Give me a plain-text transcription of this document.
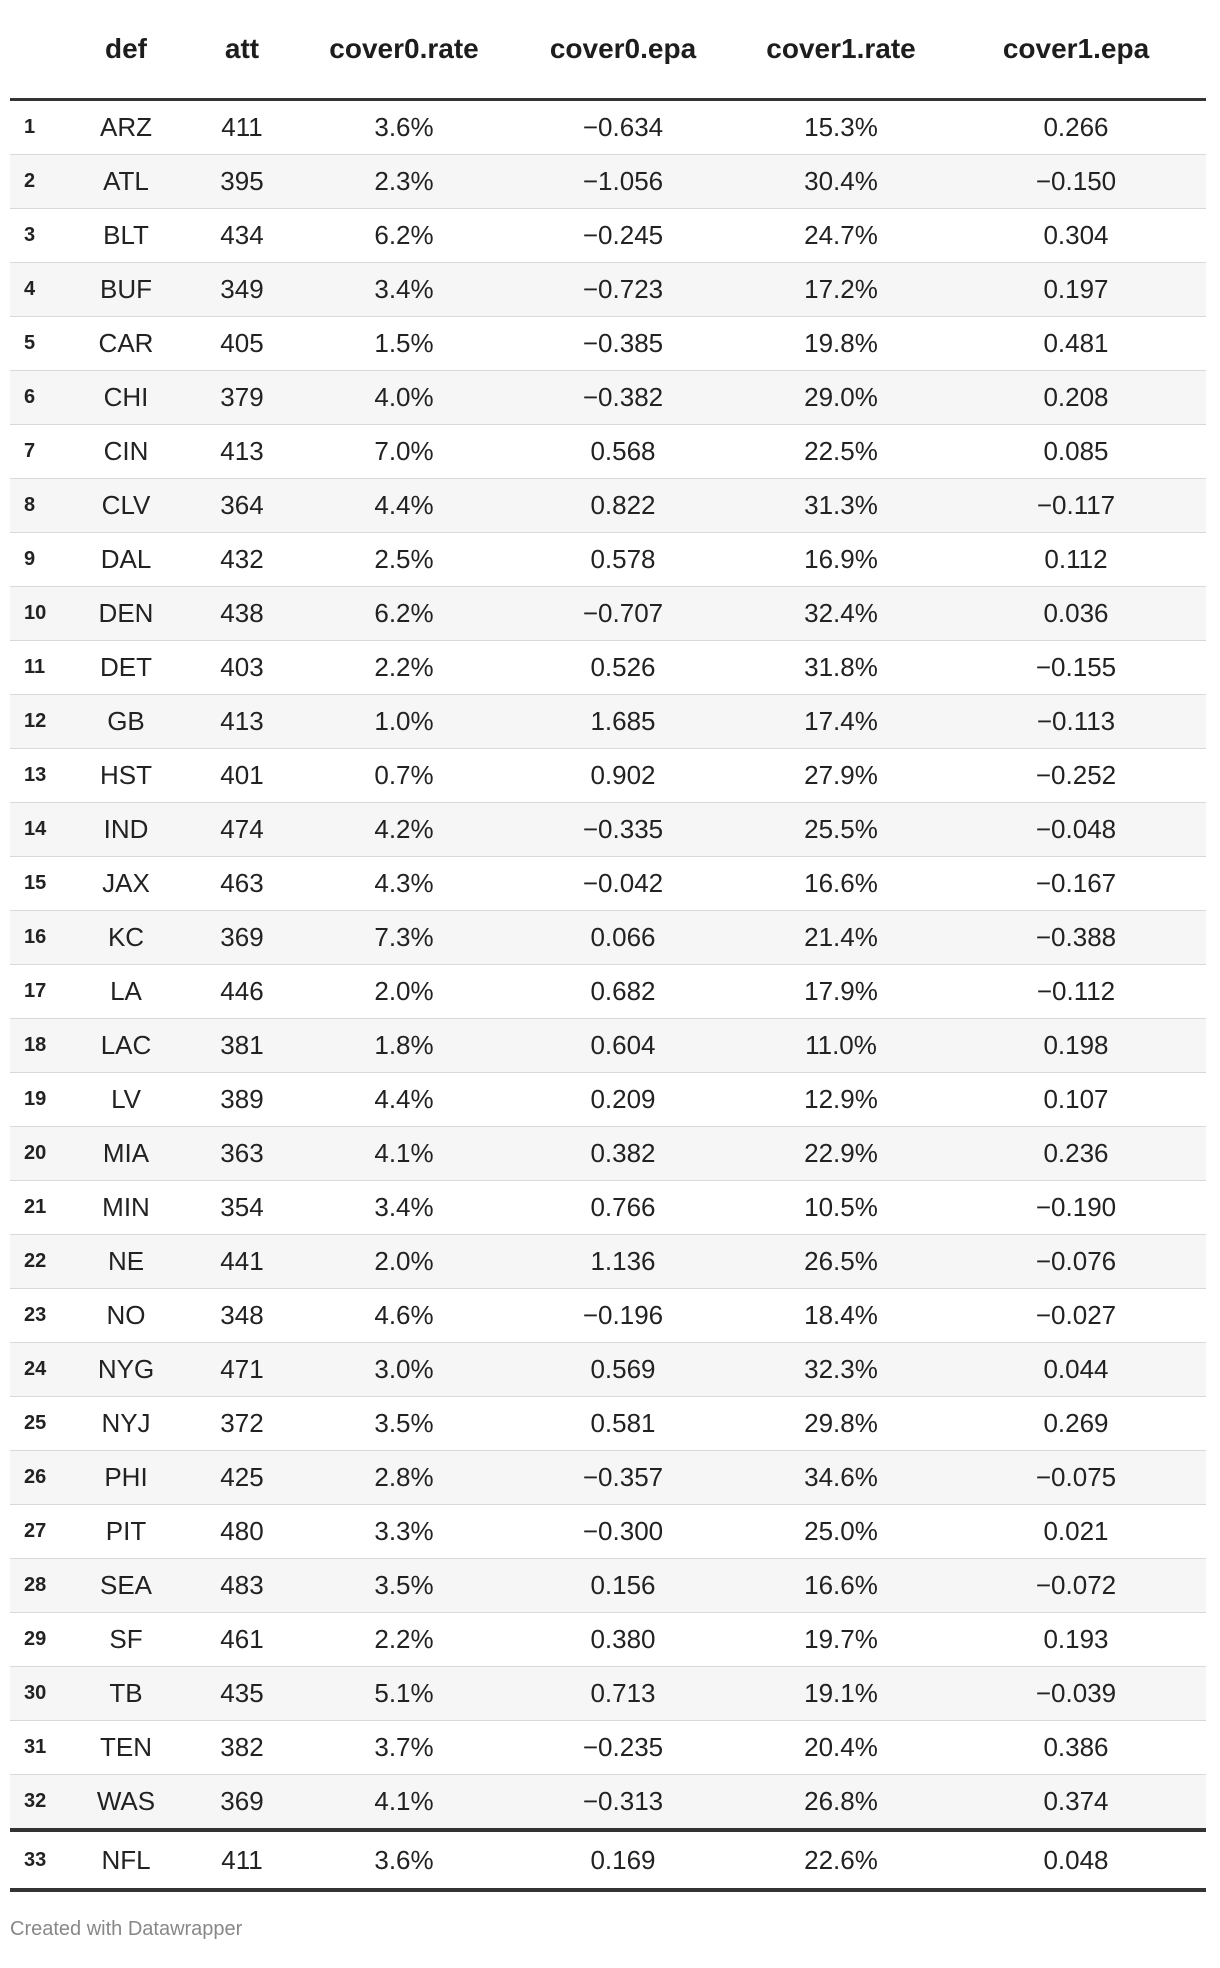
	def	att	cover0.rate	cover0.epa	cover1.rate	cover1.epa
1	ARZ	411	3.6%	−0.634	15.3%	0.266
2	ATL	395	2.3%	−1.056	30.4%	−0.150
3	BLT	434	6.2%	−0.245	24.7%	0.304
4	BUF	349	3.4%	−0.723	17.2%	0.197
5	CAR	405	1.5%	−0.385	19.8%	0.481
6	CHI	379	4.0%	−0.382	29.0%	0.208
7	CIN	413	7.0%	0.568	22.5%	0.085
8	CLV	364	4.4%	0.822	31.3%	−0.117
9	DAL	432	2.5%	0.578	16.9%	0.112
10	DEN	438	6.2%	−0.707	32.4%	0.036
11	DET	403	2.2%	0.526	31.8%	−0.155
12	GB	413	1.0%	1.685	17.4%	−0.113
13	HST	401	0.7%	0.902	27.9%	−0.252
14	IND	474	4.2%	−0.335	25.5%	−0.048
15	JAX	463	4.3%	−0.042	16.6%	−0.167
16	KC	369	7.3%	0.066	21.4%	−0.388
17	LA	446	2.0%	0.682	17.9%	−0.112
18	LAC	381	1.8%	0.604	11.0%	0.198
19	LV	389	4.4%	0.209	12.9%	0.107
20	MIA	363	4.1%	0.382	22.9%	0.236
21	MIN	354	3.4%	0.766	10.5%	−0.190
22	NE	441	2.0%	1.136	26.5%	−0.076
23	NO	348	4.6%	−0.196	18.4%	−0.027
24	NYG	471	3.0%	0.569	32.3%	0.044
25	NYJ	372	3.5%	0.581	29.8%	0.269
26	PHI	425	2.8%	−0.357	34.6%	−0.075
27	PIT	480	3.3%	−0.300	25.0%	0.021
28	SEA	483	3.5%	0.156	16.6%	−0.072
29	SF	461	2.2%	0.380	19.7%	0.193
30	TB	435	5.1%	0.713	19.1%	−0.039
31	TEN	382	3.7%	−0.235	20.4%	0.386
32	WAS	369	4.1%	−0.313	26.8%	0.374
33	NFL	411	3.6%	0.169	22.6%	0.048
Created with Datawrapper
